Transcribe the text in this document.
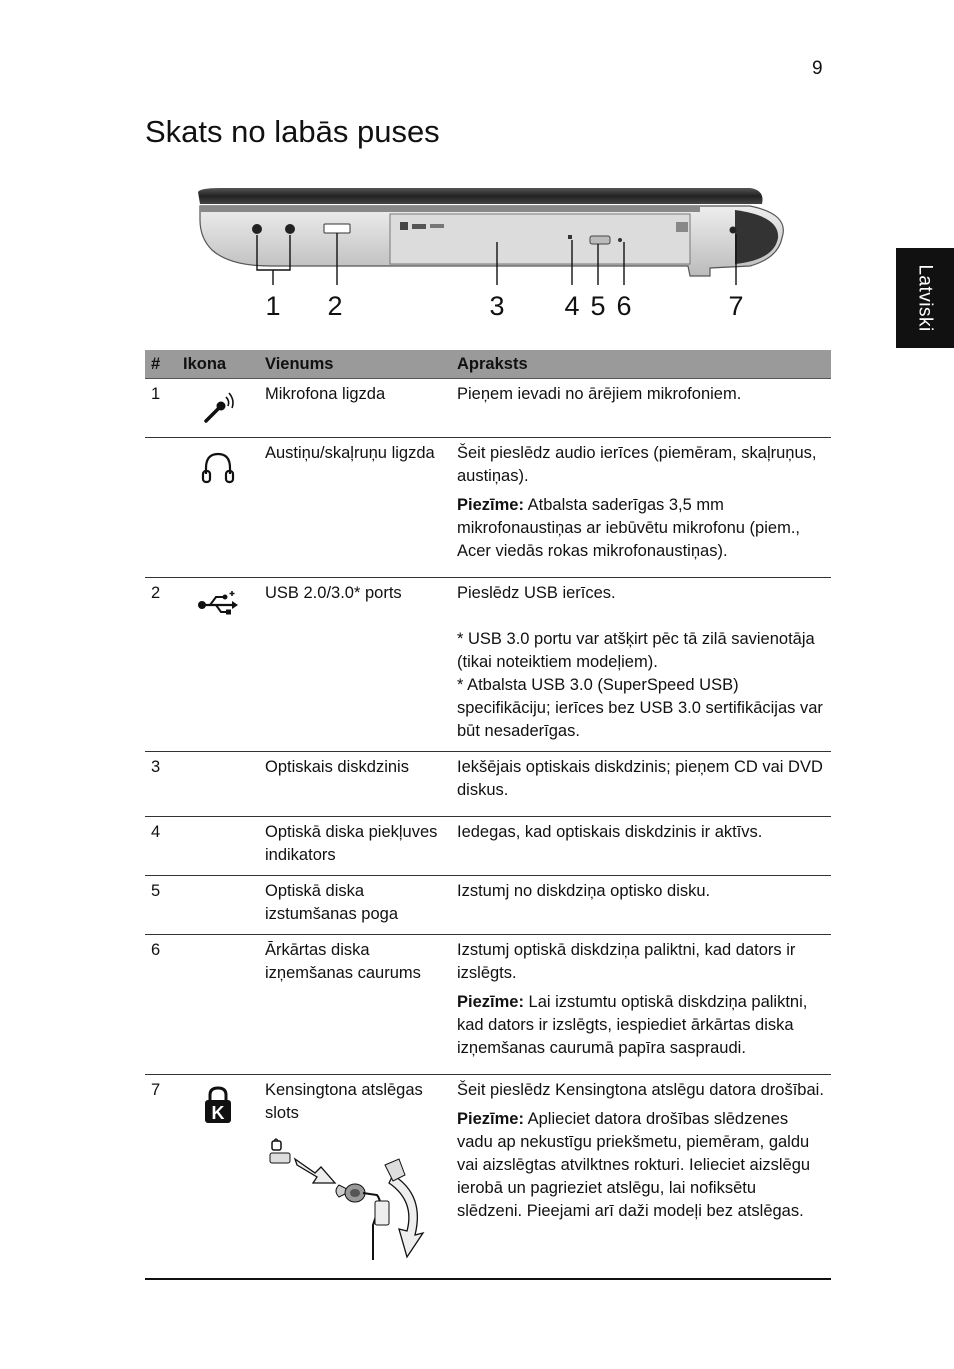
9
Skats no labās puses
Latviski
1 2	3 4 5 6	7
#	Ikona	Vienums	Apraksts
1		Mikrofona ligzda	Pieņem ievadi no ārējiem mikrofoniem.

	Austiņu/skaļruņu ligzda	Šeit pieslēdz audio ierīces (piemēram, skaļruņus, austiņas).

Piezīme: Atbalsta saderīgas 3,5 mm mikrofonaustiņas ar iebūvētu mikrofonu (piem., Acer viedās rokas mikrofonaustiņas).

2		USB 2.0/3.0* ports	Pieslēdz USB ierīces.

* USB 3.0 portu var atšķirt pēc tā zilā savienotāja (tikai noteiktiem modeļiem).

* Atbalsta USB 3.0 (SuperSpeed USB) specifikāciju; ierīces bez USB 3.0 sertifikācijas var būt nesaderīgas.

3		Optiskais diskdzinis	Iekšējais optiskais diskdzinis; pieņem CD vai DVD diskus.

4		Optiskā diska piekļuves indikators	Iedegas, kad optiskais diskdzinis ir aktīvs.

5		Optiskā diska izstumšanas poga	Izstumj no diskdziņa optisko disku.

6		Ārkārtas diska izņemšanas caurums	Izstumj optiskā diskdziņa paliktni, kad dators ir izslēgts.

Piezīme: Lai izstumtu optiskā diskdziņa paliktni, kad dators ir izslēgts, iespiediet ārkārtas diska izņemšanas caurumā papīra saspraudi.

7	K	Kensingtona atslēgas slots	Šeit pieslēdz Kensingtona atslēgu datora drošībai.

Piezīme: Aplieciet datora drošības slēdzenes vadu ap nekustīgu priekšmetu, piemēram, galdu vai aizslēgtas atvilktnes rokturi. Ielieciet aizslēgu ierobā un pagrieziet atslēgu, lai nofiksētu slēdzeni. Pieejami arī daži modeļi bez atslēgas.
